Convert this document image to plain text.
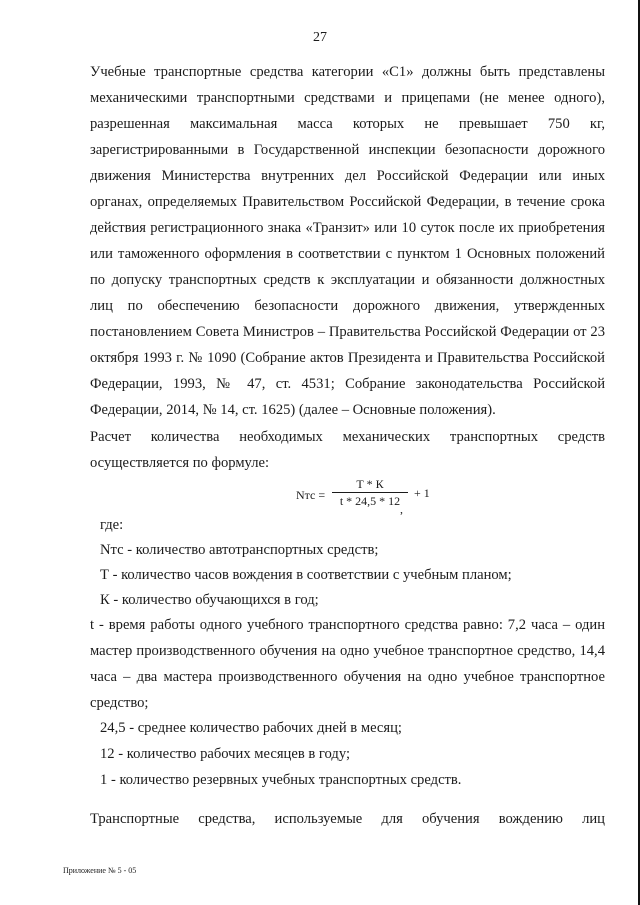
27
Учебные транспортные средства категории «С1» должны быть представлены механическими транспортными средствами и прицепами (не менее одного), разрешенная максимальная масса которых не превышает 750 кг, зарегистрированными в Государственной инспекции безопасности дорожного движения Министерства внутренних дел Российской Федерации или иных органах, определяемых Правительством Российской Федерации, в течение срока действия регистрационного знака «Транзит» или 10 суток после их приобретения или таможенного оформления в соответствии с пунктом 1 Основных положений по допуску транспортных средств к эксплуатации и обязанности должностных лиц по обеспечению безопасности дорожного движения, утвержденных постановлением Совета Министров – Правительства Российской Федерации от 23 октября 1993 г. № 1090 (Собрание актов Президента и Правительства Российской Федерации, 1993, № 47, ст. 4531; Собрание законодательства Российской Федерации, 2014, № 14, ст. 1625) (далее – Основные положения).
Расчет количества необходимых механических транспортных средств осуществляется по формуле:
Nтс =
Т * К
t * 24,5 * 12
+ 1
,
где:
Nтс - количество автотранспортных средств;
Т - количество часов вождения в соответствии с учебным планом;
К - количество обучающихся в год;
t - время работы одного учебного транспортного средства равно: 7,2 часа – один мастер производственного обучения на одно учебное транспортное средство, 14,4 часа – два мастера производственного обучения на одно учебное транспортное средство;
24,5 - среднее количество рабочих дней в месяц;
12 - количество рабочих месяцев в году;
1 - количество резервных учебных транспортных средств.
Транспортные средства, используемые для обучения вождению лиц
Приложение № 5 - 05
